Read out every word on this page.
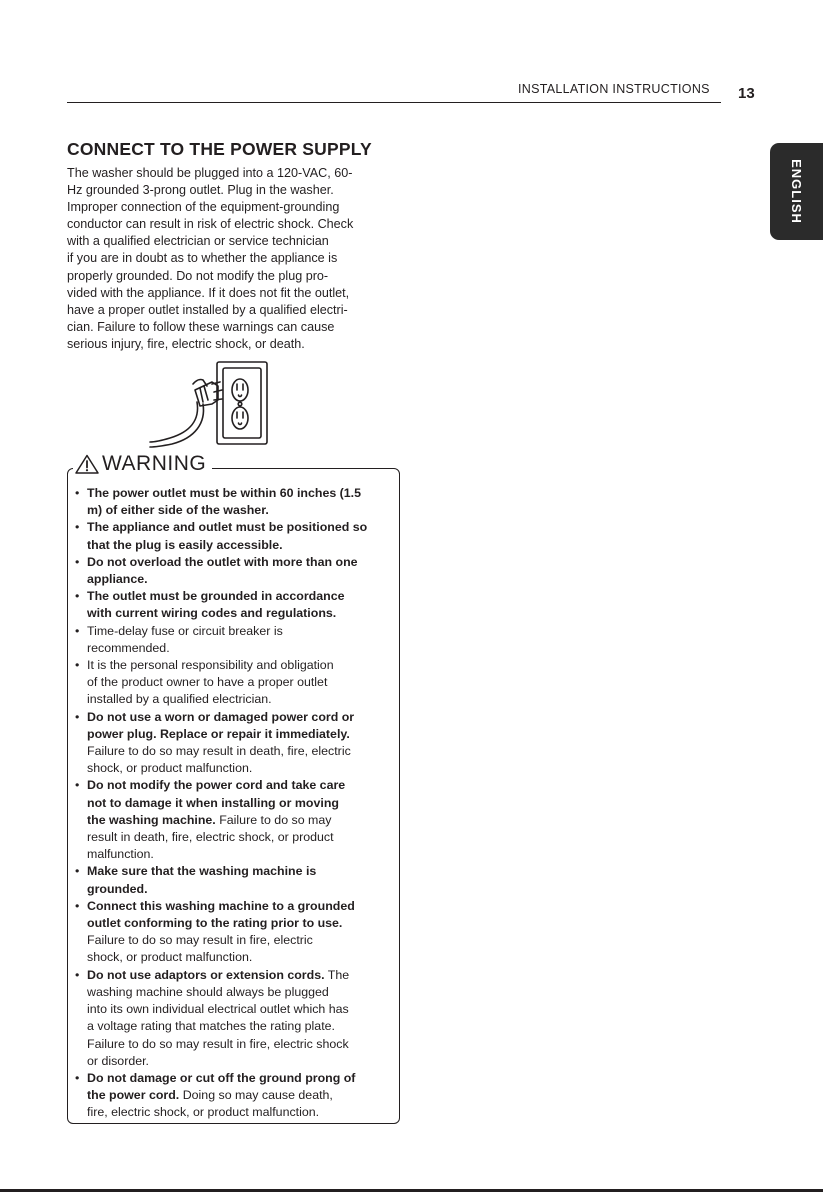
INSTALLATION INSTRUCTIONS 13
ENGLISH
CONNECT TO THE POWER SUPPLY
The washer should be plugged into a 120-VAC, 60-
Hz grounded 3-prong outlet. Plug in the washer.
Improper connection of the equipment-grounding
conductor can result in risk of electric shock. Check
with a qualified electrician or service technician
if you are in doubt as to whether the appliance is
properly grounded. Do not modify the plug pro-
vided with the appliance. If it does not fit the outlet,
have a proper outlet installed by a qualified electri-
cian. Failure to follow these warnings can cause
serious injury, fire, electric shock, or death.
WARNING
• The power outlet must be within 60 inches (1.5
m) of either side of the washer.
• The appliance and outlet must be positioned so
that the plug is easily accessible.
• Do not overload the outlet with more than one
appliance.
• The outlet must be grounded in accordance
with current wiring codes and regulations.
• Time-delay fuse or circuit breaker is
recommended.
• It is the personal responsibility and obligation
of the product owner to have a proper outlet
installed by a qualified electrician.
• Do not use a worn or damaged power cord or
power plug. Replace or repair it immediately.
Failure to do so may result in death, fire, electric
shock, or product malfunction.
• Do not modify the power cord and take care
not to damage it when installing or moving
the washing machine. Failure to do so may
result in death, fire, electric shock, or product
malfunction.
• Make sure that the washing machine is
grounded.
• Connect this washing machine to a grounded
outlet conforming to the rating prior to use.
Failure to do so may result in fire, electric
shock, or product malfunction.
• Do not use adaptors or extension cords. The
washing machine should always be plugged
into its own individual electrical outlet which has
a voltage rating that matches the rating plate.
Failure to do so may result in fire, electric shock
or disorder.
• Do not damage or cut off the ground prong of
the power cord. Doing so may cause death,
fire, electric shock, or product malfunction.
